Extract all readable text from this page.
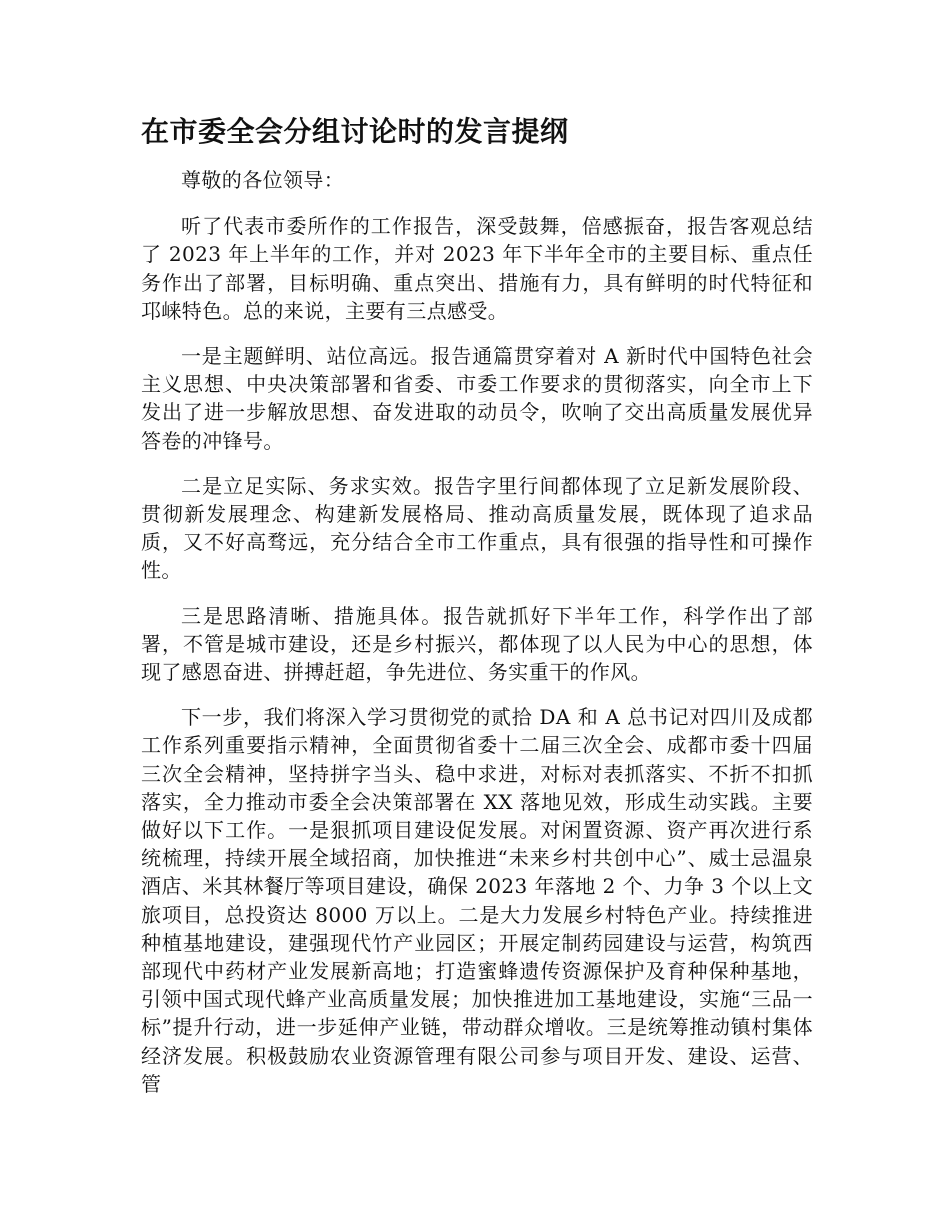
在市委全会分组讨论时的发言提纲

尊敬的各位领导：

听了代表市委所作的工作报告，深受鼓舞，倍感振奋，报告客观总结了 2023 年上半年的工作，并对 2023 年下半年全市的主要目标、重点任务作出了部署，目标明确、重点突出、措施有力，具有鲜明的时代特征和邛崃特色。总的来说，主要有三点感受。

一是主题鲜明、站位高远。报告通篇贯穿着对 A 新时代中国特色社会主义思想、中央决策部署和省委、市委工作要求的贯彻落实，向全市上下发出了进一步解放思想、奋发进取的动员令，吹响了交出高质量发展优异答卷的冲锋号。

二是立足实际、务求实效。报告字里行间都体现了立足新发展阶段、贯彻新发展理念、构建新发展格局、推动高质量发展，既体现了追求品质，又不好高骛远，充分结合全市工作重点，具有很强的指导性和可操作性。

三是思路清晰、措施具体。报告就抓好下半年工作，科学作出了部署，不管是城市建设，还是乡村振兴，都体现了以人民为中心的思想，体现了感恩奋进、拼搏赶超，争先进位、务实重干的作风。

下一步，我们将深入学习贯彻党的贰拾 DA 和 A 总书记对四川及成都工作系列重要指示精神，全面贯彻省委十二届三次全会、成都市委十四届三次全会精神，坚持拼字当头、稳中求进，对标对表抓落实、不折不扣抓落实，全力推动市委全会决策部署在 XX 落地见效，形成生动实践。主要做好以下工作。一是狠抓项目建设促发展。对闲置资源、资产再次进行系统梳理，持续开展全域招商，加快推进“未来乡村共创中心”、威士忌温泉酒店、米其林餐厅等项目建设，确保 2023 年落地 2 个、力争 3 个以上文旅项目，总投资达 8000 万以上。二是大力发展乡村特色产业。持续推进种植基地建设，建强现代竹产业园区；开展定制药园建设与运营，构筑西部现代中药材产业发展新高地；打造蜜蜂遗传资源保护及育种保种基地，引领中国式现代蜂产业高质量发展；加快推进加工基地建设，实施“三品一标”提升行动，进一步延伸产业链，带动群众增收。三是统筹推动镇村集体经济发展。积极鼓励农业资源管理有限公司参与项目开发、建设、运营、管
